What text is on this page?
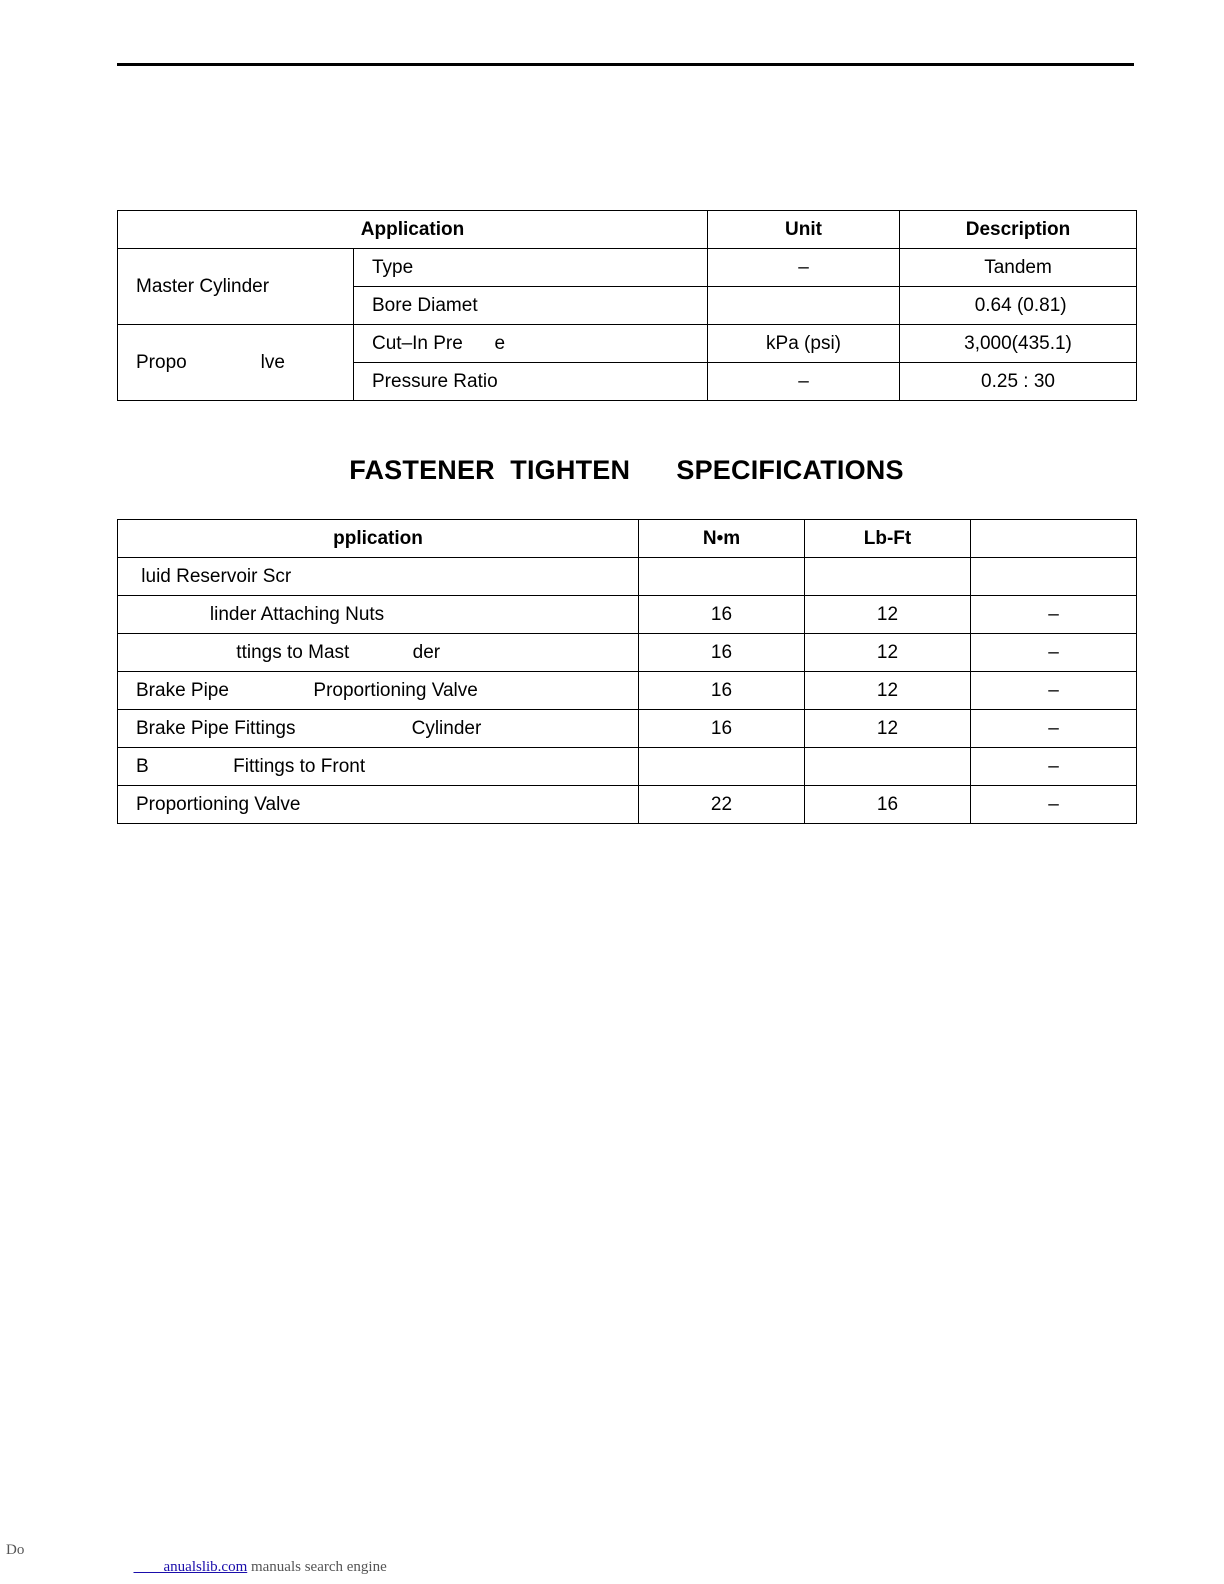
Application		Unit	Description
Master Cylinder	Type	–	Tandem
	Bore Diamet		0.64 (0.81)
Propo              lve	Cut–In Pre      e	kPa (psi)	3,000(435.1)
	Pressure Ratio	–	0.25 : 30
FASTENER  TIGHTEN      SPECIFICATIONS
pplication	N•m	Lb-Ft	
luid Reservoir Scr			
linder Attaching Nuts	16	12	–
ttings to Mast            der	16	12	–
Brake Pipe                Proportioning Valve	16	12	–
Brake Pipe Fittings                      Cylinder	16	12	–
B                Fittings to Front			–
Proportioning Valve	22	16	–
Do

anualslib.com manuals search engine
